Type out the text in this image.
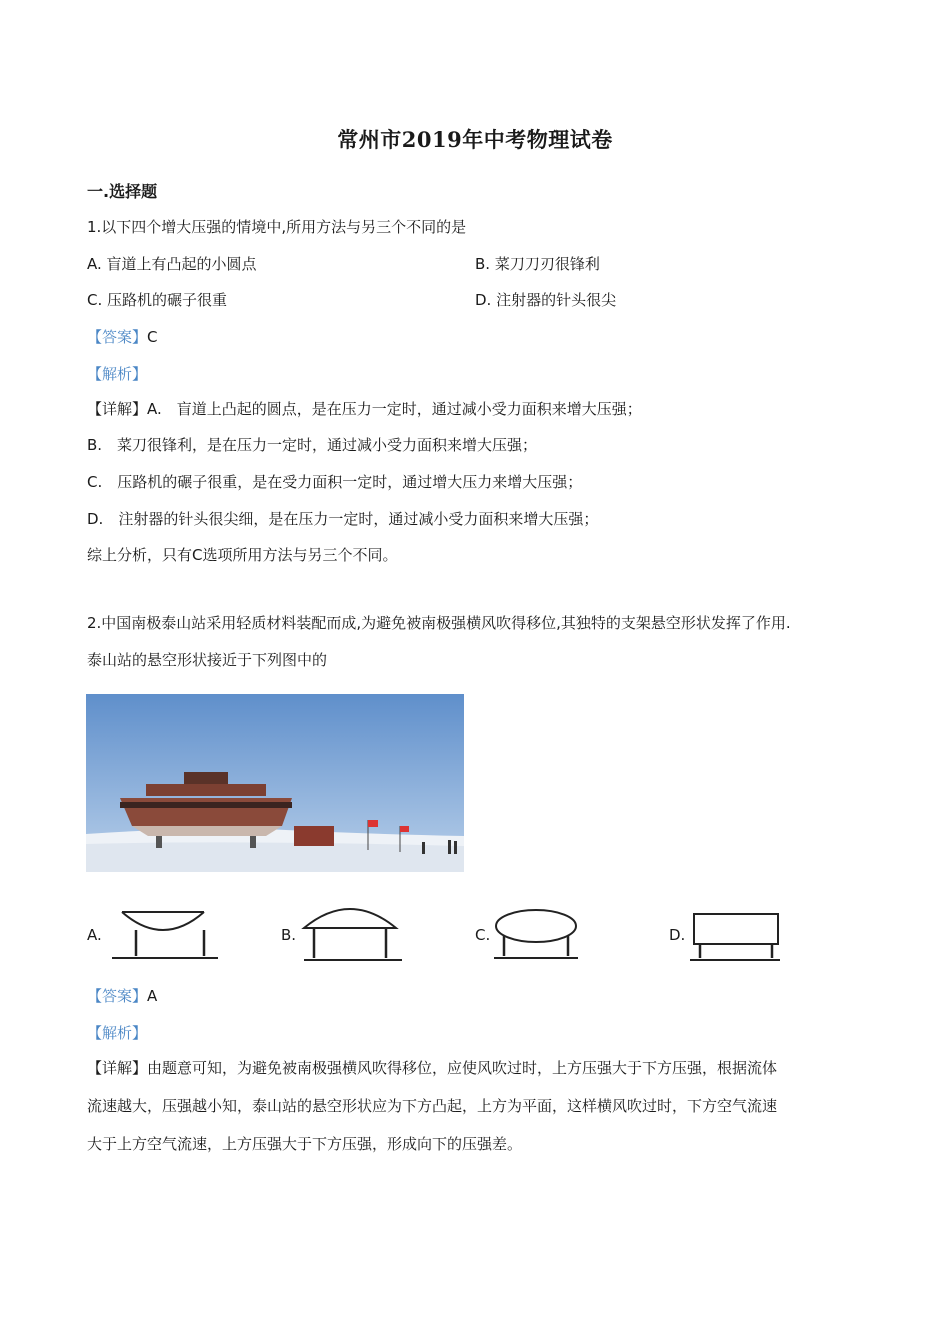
常州市2019年中考物理试卷
一.选择题
1.以下四个增大压强的情境中,所用方法与另三个不同的是
A. 盲道上有凸起的小圆点	B. 菜刀刀刃很锋利
C. 压路机的碾子很重	D. 注射器的针头很尖
【答案】C
【解析】
【详解】A.　盲道上凸起的圆点，是在压力一定时，通过减小受力面积来增大压强；
B.　菜刀很锋利，是在压力一定时，通过减小受力面积来增大压强；
C.　压路机的碾子很重，是在受力面积一定时，通过增大压力来增大压强；
D.　注射器的针头很尖细，是在压力一定时，通过减小受力面积来增大压强；
综上分析，只有C选项所用方法与另三个不同。
2.中国南极泰山站采用轻质材料装配而成,为避免被南极强横风吹得移位,其独特的支架悬空形状发挥了作用.
泰山站的悬空形状接近于下列图中的
A.	B.	C.	D.
【答案】A
【解析】
【详解】由题意可知，为避免被南极强横风吹得移位，应使风吹过时，上方压强大于下方压强，根据流体
流速越大，压强越小知，泰山站的悬空形状应为下方凸起，上方为平面，这样横风吹过时，下方空气流速
大于上方空气流速，上方压强大于下方压强，形成向下的压强差。
